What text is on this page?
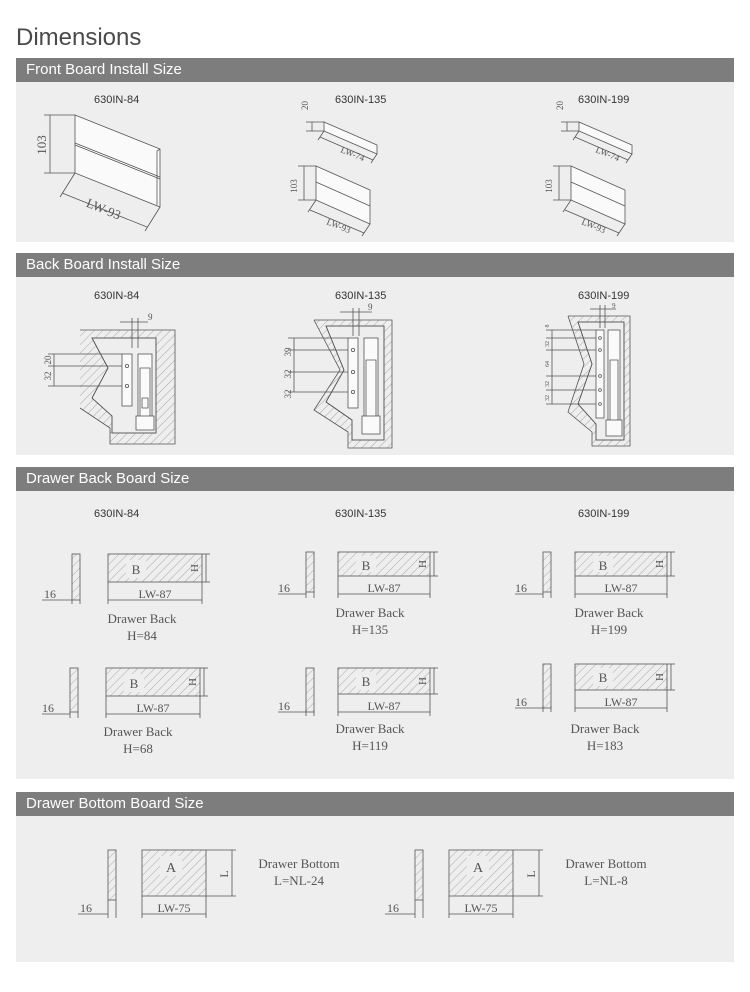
Dimensions
Front Board Install Size
630IN-84	630IN-135	630IN-199
103
LW-93
20
LW-74
103
LW-93
20
LW-74
103
LW-93
Back Board Install Size
630IN-84	630IN-135	630IN-199
9
20
32
9
39
32
32
9
8
32
64
32
32
Drawer Back Board Size
630IN-84	630IN-135	630IN-199
B
16	LW-87
H
Drawer Back
H=84
B
16	LW-87
H
Drawer Back
H=135
B
16	LW-87
H
Drawer Back
H=199
B
16	LW-87
H
Drawer Back
H=68
B
16	LW-87
H
Drawer Back
H=119
B
16	LW-87
H
Drawer Back
H=183
Drawer Bottom Board Size
A
16	LW-75
L
Drawer Bottom
L=NL-24
A
16	LW-75
L
Drawer Bottom
L=NL-8
